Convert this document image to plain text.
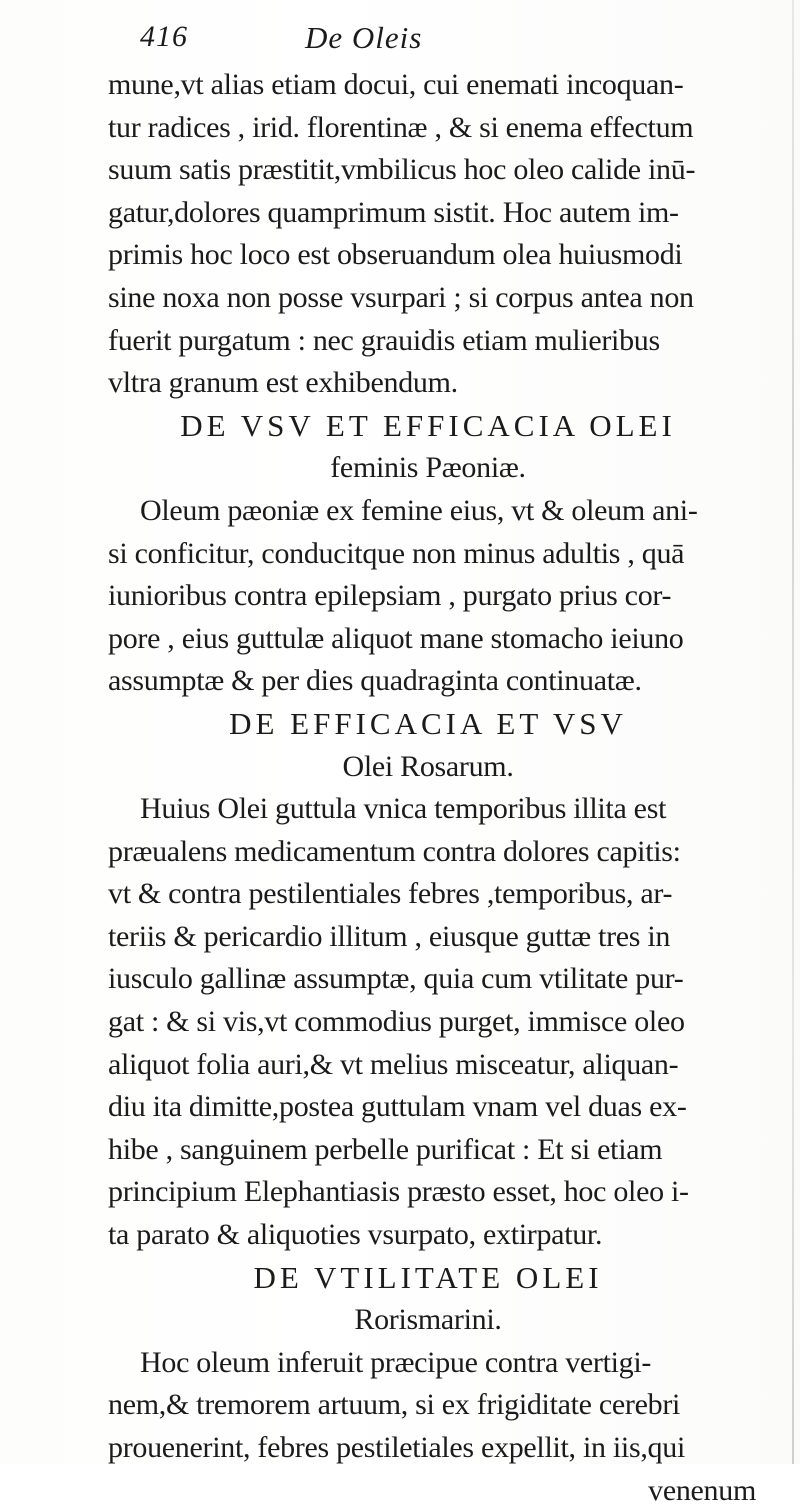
416	De Oleis
mune,vt alias etiam docui, cui enemati incoquan-
tur radices , irid. florentinæ , & si enema effectum
suum satis præstitit,vmbilicus hoc oleo calide inū-
gatur,dolores quamprimum sistit. Hoc autem im-
primis hoc loco est obseruandum olea huiusmodi
sine noxa non posse vsurpari ; si corpus antea non
fuerit purgatum : nec grauidis etiam mulieribus
vltra granum est exhibendum.
DE VSV ET EFFICACIA OLEI
feminis Pæoniæ.
Oleum pæoniæ ex femine eius, vt & oleum ani-
si conficitur, conducitque non minus adultis , quā
iunioribus contra epilepsiam , purgato prius cor-
pore , eius guttulæ aliquot mane stomacho ieiuno
assumptæ & per dies quadraginta continuatæ.
DE EFFICACIA ET VSV
Olei Rosarum.
Huius Olei guttula vnica temporibus illita est
præualens medicamentum contra dolores capitis:
vt & contra pestilentiales febres ,temporibus, ar-
teriis & pericardio illitum , eiusque guttæ tres in
iusculo gallinæ assumptæ, quia cum vtilitate pur-
gat : & si vis,vt commodius purget, immisce oleo
aliquot folia auri,& vt melius misceatur, aliquan-
diu ita dimitte,postea guttulam vnam vel duas ex-
hibe , sanguinem perbelle purificat : Et si etiam
principium Elephantiasis præsto esset, hoc oleo i-
ta parato & aliquoties vsurpato, extirpatur.
DE VTILITATE OLEI
Rorismarini.
Hoc oleum inferuit præcipue contra vertigi-
nem,& tremorem artuum, si ex frigiditate cerebri
prouenerint, febres pestiletiales expellit, in iis,qui
venenum
